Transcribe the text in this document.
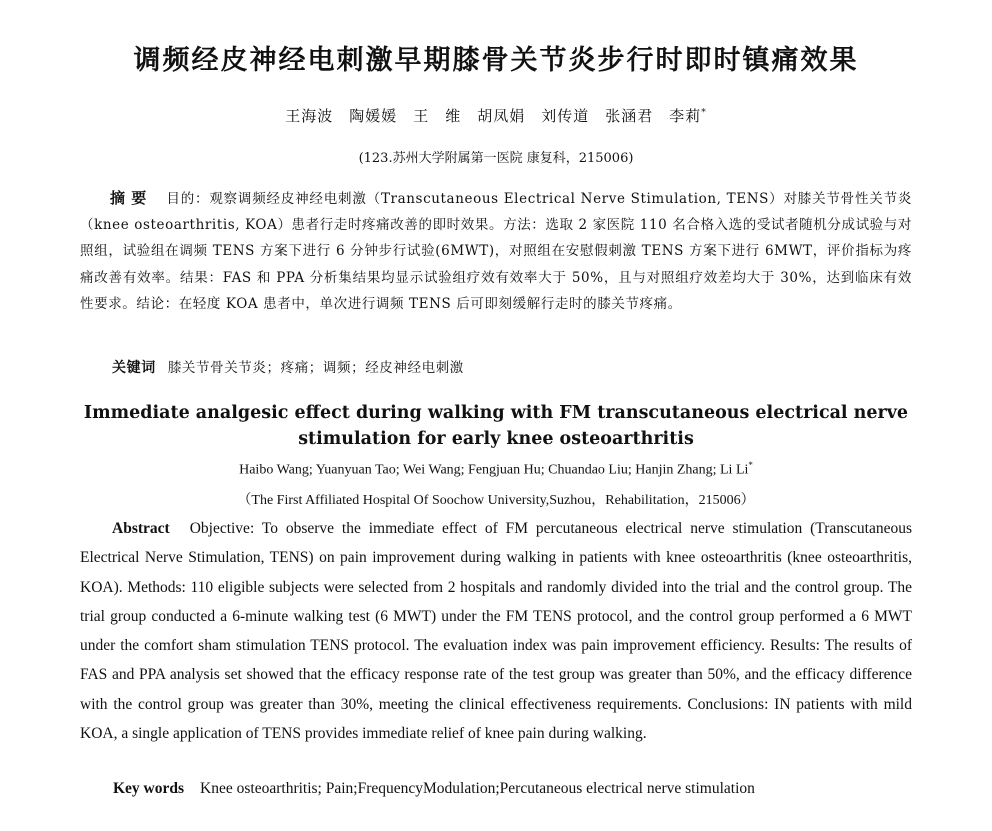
调频经皮神经电刺激早期膝骨关节炎步行时即时镇痛效果
王海波　陶媛媛　王　维　胡凤娟　刘传道　张涵君　李莉*
(123.苏州大学附属第一医院 康复科，215006)
摘要 目的：观察调频经皮神经电刺激（Transcutaneous Electrical Nerve Stimulation, TENS）对膝关节骨性关节炎（knee osteoarthritis, KOA）患者行走时疼痛改善的即时效果。方法：选取 2 家医院 110 名合格入选的受试者随机分成试验与对照组，试验组在调频 TENS 方案下进行 6 分钟步行试验(6MWT)，对照组在安慰假刺激 TENS 方案下进行 6MWT，评价指标为疼痛改善有效率。结果：FAS 和 PPA 分析集结果均显示试验组疗效有效率大于 50%，且与对照组疗效差均大于 30%，达到临床有效性要求。结论：在轻度 KOA 患者中，单次进行调频 TENS 后可即刻缓解行走时的膝关节疼痛。
关键词 膝关节骨关节炎；疼痛；调频；经皮神经电刺激
Immediate analgesic effect during walking with FM transcutaneous electrical nerve stimulation for early knee osteoarthritis
Haibo Wang; Yuanyuan Tao; Wei Wang; Fengjuan Hu; Chuandao Liu; Hanjin Zhang; Li Li*
（The First Affiliated Hospital Of Soochow University,Suzhou，Rehabilitation，215006）
Abstract Objective: To observe the immediate effect of FM percutaneous electrical nerve stimulation (Transcutaneous Electrical Nerve Stimulation, TENS) on pain improvement during walking in patients with knee osteoarthritis (knee osteoarthritis, KOA). Methods: 110 eligible subjects were selected from 2 hospitals and randomly divided into the trial and the control group. The trial group conducted a 6-minute walking test (6 MWT) under the FM TENS protocol, and the control group performed a 6 MWT under the comfort sham stimulation TENS protocol. The evaluation index was pain improvement efficiency. Results: The results of FAS and PPA analysis set showed that the efficacy response rate of the test group was greater than 50%, and the efficacy difference with the control group was greater than 30%, meeting the clinical effectiveness requirements. Conclusions: IN patients with mild KOA, a single application of TENS provides immediate relief of knee pain during walking.
Key words Knee osteoarthritis; Pain;FrequencyModulation;Percutaneous electrical nerve stimulation
